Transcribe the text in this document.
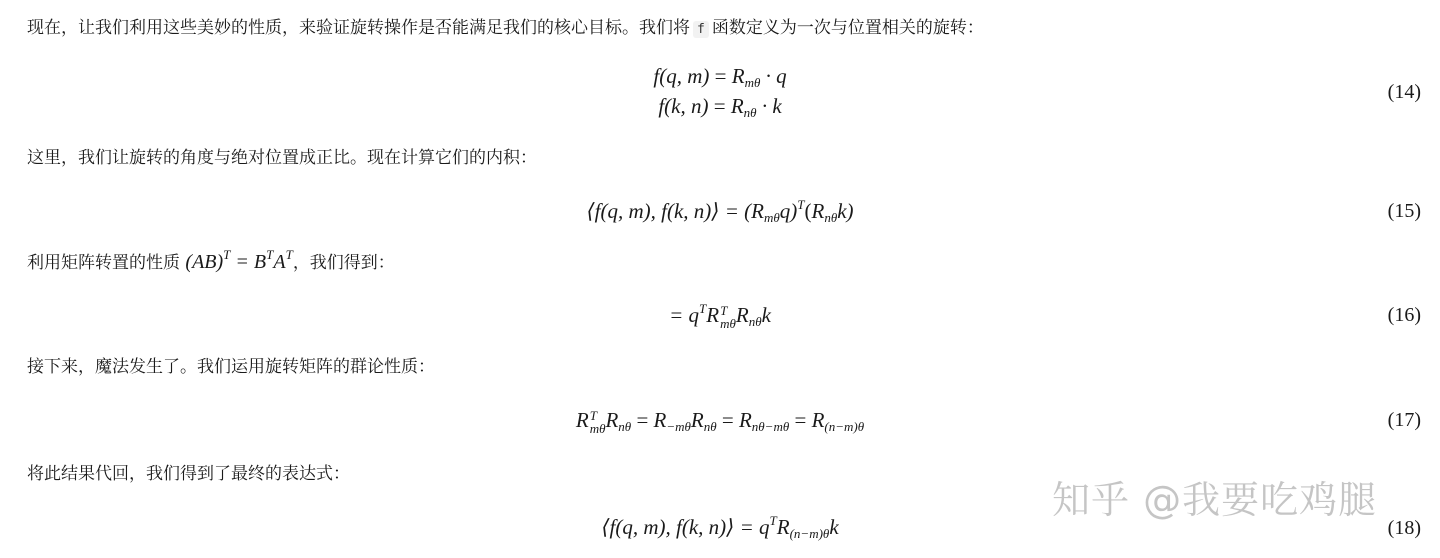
现在，让我们利用这些美妙的性质，来验证旋转操作是否能满足我们的核心目标。我们将 f 函数定义为一次与位置相关的旋转：

f(q, $m) = R_{m\theta} \cdot q$
f(k, $n) = R_{n\theta} \cdot k$
(14)

这里，我们让旋转的角度与绝对位置成正比。现在计算它们的内积：

⟨f(q, m), f(k, n)⟩ = $(R_{m\theta}q)^T(R_{n\theta}k)$	(15)

利用矩阵转置的性质 $(AB)^T = B^TA^T$，我们得到：

= $q^TR$ T
mθ $R_{n\theta}k$	(16)

接下来，魔法发生了。我们运用旋转矩阵的群论性质：

R T
mθ $R_{n\theta} = R_{-m\theta}R_{n\theta} = R_{n\theta-m\theta} = R_{(n-m)\theta}$	(17)

将此结果代回，我们得到了最终的表达式：

⟨f(q, m), f(k, n)⟩ = $q^TR_{(n-m)\theta}k$	(18)
知乎 @我要吃鸡腿
